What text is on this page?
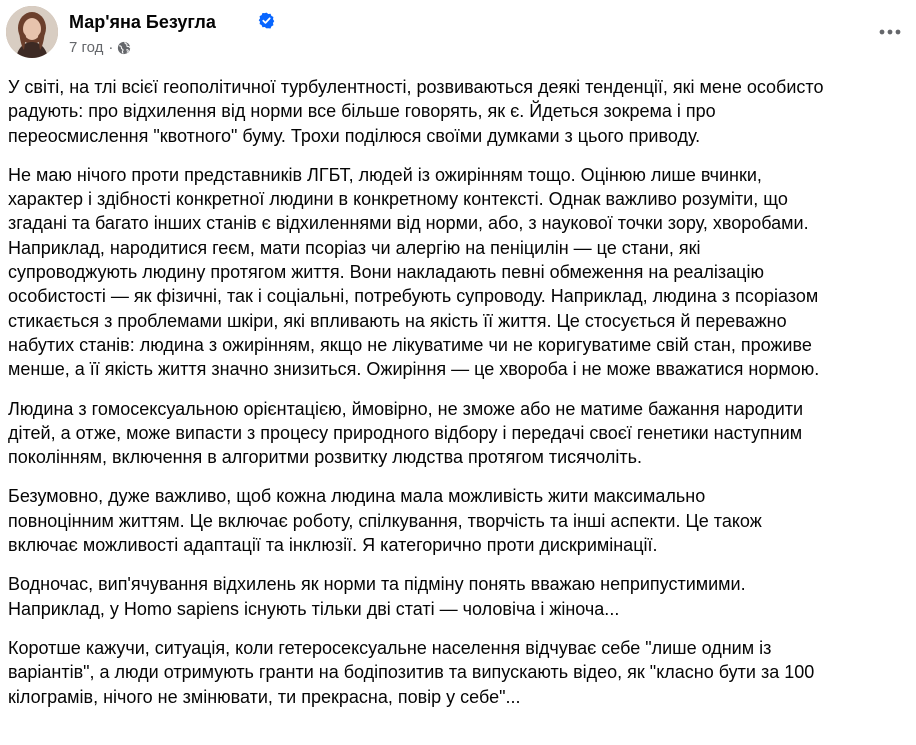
Мар'яна Безугла
7 год ·

У світі, на тлі всієї геополітичної турбулентності, розвиваються деякі тенденції, які мене особисто
радують: про відхилення від норми все більше говорять, як є. Йдеться зокрема і про
переосмислення "квотного" буму. Трохи поділюся своїми думками з цього приводу.

Не маю нічого проти представників ЛГБТ, людей із ожирінням тощо. Оцінюю лише вчинки,
характер і здібності конкретної людини в конкретному контексті. Однак важливо розуміти, що
згадані та багато інших станів є відхиленнями від норми, або, з наукової точки зору, хворобами.
Наприклад, народитися геєм, мати псоріаз чи алергію на пеніцилін — це стани, які
супроводжують людину протягом життя. Вони накладають певні обмеження на реалізацію
особистості — як фізичні, так і соціальні, потребують супроводу. Наприклад, людина з псоріазом
стикається з проблемами шкіри, які впливають на якість її життя. Це стосується й переважно
набутих станів: людина з ожирінням, якщо не лікуватиме чи не коригуватиме свій стан, проживе
менше, а її якість життя значно знизиться. Ожиріння — це хвороба і не може вважатися нормою.

Людина з гомосексуальною орієнтацією, ймовірно, не зможе або не матиме бажання народити
дітей, а отже, може випасти з процесу природного відбору і передачі своєї генетики наступним
поколінням, включення в алгоритми розвитку людства протягом тисячоліть.

Безумовно, дуже важливо, щоб кожна людина мала можливість жити максимально
повноцінним життям. Це включає роботу, спілкування, творчість та інші аспекти. Це також
включає можливості адаптації та інклюзії. Я категорично проти дискримінації.

Водночас, вип'ячування відхилень як норми та підміну понять вважаю неприпустимими.
Наприклад, у Homo sapiens існують тільки дві статі — чоловіча і жіноча...

Коротше кажучи, ситуація, коли гетеросексуальне населення відчуває себе "лише одним із
варіантів", а люди отримують гранти на бодіпозитив та випускають відео, як "класно бути за 100
кілограмів, нічого не змінювати, ти прекрасна, повір у себе"...
